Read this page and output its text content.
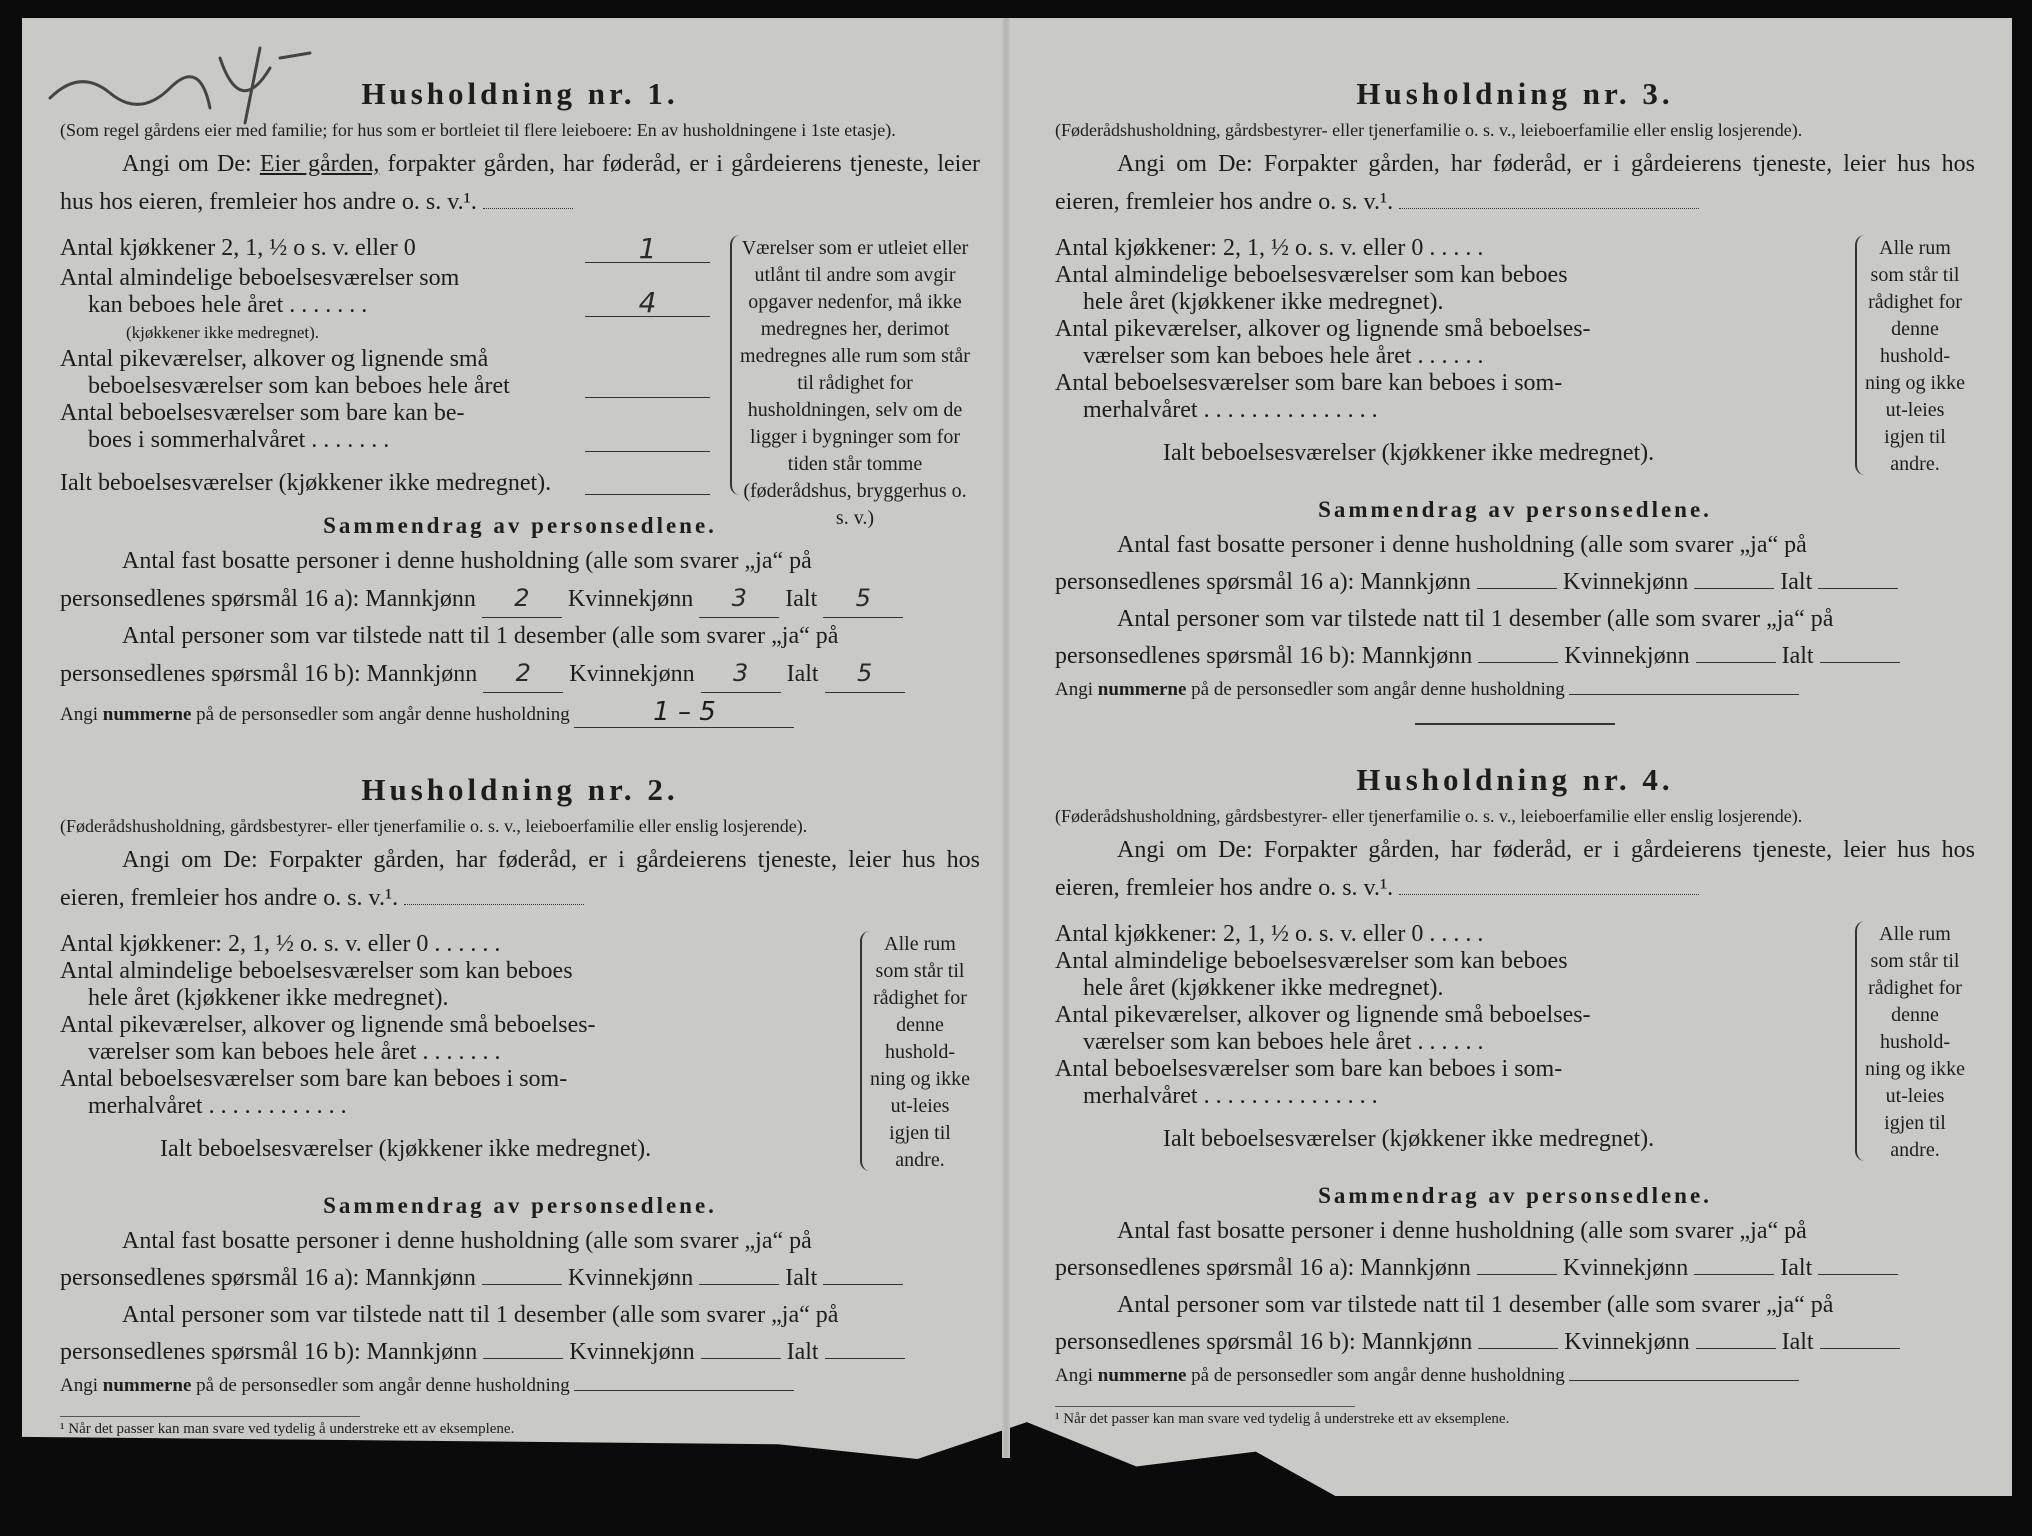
Husholdning nr. 1.

(Som regel gårdens eier med familie; for hus som er bortleiet til flere leieboere: En av husholdningene i 1ste etasje).

Angi om De: Eier gården, forpakter gården, har føderåd, er i gårdeierens tjeneste, leier hus hos eieren, fremleier hos andre o. s. v.¹.

Antal kjøkkener 2, 1, ½ o s. v. eller 0	1
Antal almindelige beboelsesværelser som
kan beboes hele året . . . . . . .	4
(kjøkkener ikke medregnet).
Antal pikeværelser, alkover og lignende små
beboelsesværelser som kan beboes hele året
Antal beboelsesværelser som bare kan be-
boes i sommerhalvåret . . . . . . .
Ialt beboelsesværelser (kjøkkener ikke medregnet).
Værelser som er utleiet eller utlånt til andre som avgir opgaver nedenfor, må ikke medregnes her, derimot medregnes alle rum som står til rådighet for husholdningen, selv om de ligger i bygninger som for tiden står tomme (føderådshus, bryggerhus o. s. v.)
Sammendrag av personsedlene.

Antal fast bosatte personer i denne husholdning (alle som svarer „ja“ på

personsedlenes spørsmål 16 a): Mannkjønn 2 Kvinnekjønn 3 Ialt 5

Antal personer som var tilstede natt til 1 desember (alle som svarer „ja“ på

personsedlenes spørsmål 16 b): Mannkjønn 2 Kvinnekjønn 3 Ialt 5

Angi nummerne på de personsedler som angår denne husholdning	1 – 5

Husholdning nr. 2.

(Føderådshusholdning, gårdsbestyrer- eller tjenerfamilie o. s. v., leieboerfamilie eller enslig losjerende).

Angi om De: Forpakter gården, har føderåd, er i gårdeierens tjeneste, leier hus hos eieren, fremleier hos andre o. s. v.¹.

Antal kjøkkener: 2, 1, ½ o. s. v. eller 0 . . . . . .
Antal almindelige beboelsesværelser som kan beboes
hele året (kjøkkener ikke medregnet).
Antal pikeværelser, alkover og lignende små beboelses-
værelser som kan beboes hele året . . . . . . .
Antal beboelsesværelser som bare kan beboes i som-
merhalvåret . . . . . . . . . . . .
Ialt beboelsesværelser (kjøkkener ikke medregnet).
Alle rum som står til rådighet for denne hushold-ning og ikke ut-leies igjen til andre.
Sammendrag av personsedlene.

Antal fast bosatte personer i denne husholdning (alle som svarer „ja“ på

personsedlenes spørsmål 16 a): Mannkjønn	Kvinnekjønn	Ialt

Antal personer som var tilstede natt til 1 desember (alle som svarer „ja“ på

personsedlenes spørsmål 16 b): Mannkjønn	Kvinnekjønn	Ialt

Angi nummerne på de personsedler som angår denne husholdning

¹ Når det passer kan man svare ved tydelig å understreke ett av eksemplene.
Husholdning nr. 3.

(Føderådshusholdning, gårdsbestyrer- eller tjenerfamilie o. s. v., leieboerfamilie eller enslig losjerende).

Angi om De: Forpakter gården, har føderåd, er i gårdeierens tjeneste, leier hus hos eieren, fremleier hos andre o. s. v.¹.

Antal kjøkkener: 2, 1, ½ o. s. v. eller 0 . . . . .
Antal almindelige beboelsesværelser som kan beboes
hele året (kjøkkener ikke medregnet).
Antal pikeværelser, alkover og lignende små beboelses-
værelser som kan beboes hele året . . . . . .
Antal beboelsesværelser som bare kan beboes i som-
merhalvåret . . . . . . . . . . . . . . .
Ialt beboelsesværelser (kjøkkener ikke medregnet).
Alle rum som står til rådighet for denne hushold-ning og ikke ut-leies igjen til andre.
Sammendrag av personsedlene.

Antal fast bosatte personer i denne husholdning (alle som svarer „ja“ på

personsedlenes spørsmål 16 a): Mannkjønn	Kvinnekjønn	Ialt

Antal personer som var tilstede natt til 1 desember (alle som svarer „ja“ på

personsedlenes spørsmål 16 b): Mannkjønn	Kvinnekjønn	Ialt

Angi nummerne på de personsedler som angår denne husholdning

Husholdning nr. 4.

(Føderådshusholdning, gårdsbestyrer- eller tjenerfamilie o. s. v., leieboerfamilie eller enslig losjerende).

Angi om De: Forpakter gården, har føderåd, er i gårdeierens tjeneste, leier hus hos eieren, fremleier hos andre o. s. v.¹.

Antal kjøkkener: 2, 1, ½ o. s. v. eller 0 . . . . .
Antal almindelige beboelsesværelser som kan beboes
hele året (kjøkkener ikke medregnet).
Antal pikeværelser, alkover og lignende små beboelses-
værelser som kan beboes hele året . . . . . .
Antal beboelsesværelser som bare kan beboes i som-
merhalvåret . . . . . . . . . . . . . . .
Ialt beboelsesværelser (kjøkkener ikke medregnet).
Alle rum som står til rådighet for denne hushold-ning og ikke ut-leies igjen til andre.
Sammendrag av personsedlene.

Antal fast bosatte personer i denne husholdning (alle som svarer „ja“ på

personsedlenes spørsmål 16 a): Mannkjønn	Kvinnekjønn	Ialt

Antal personer som var tilstede natt til 1 desember (alle som svarer „ja“ på

personsedlenes spørsmål 16 b): Mannkjønn	Kvinnekjønn	Ialt

Angi nummerne på de personsedler som angår denne husholdning

¹ Når det passer kan man svare ved tydelig å understreke ett av eksemplene.
